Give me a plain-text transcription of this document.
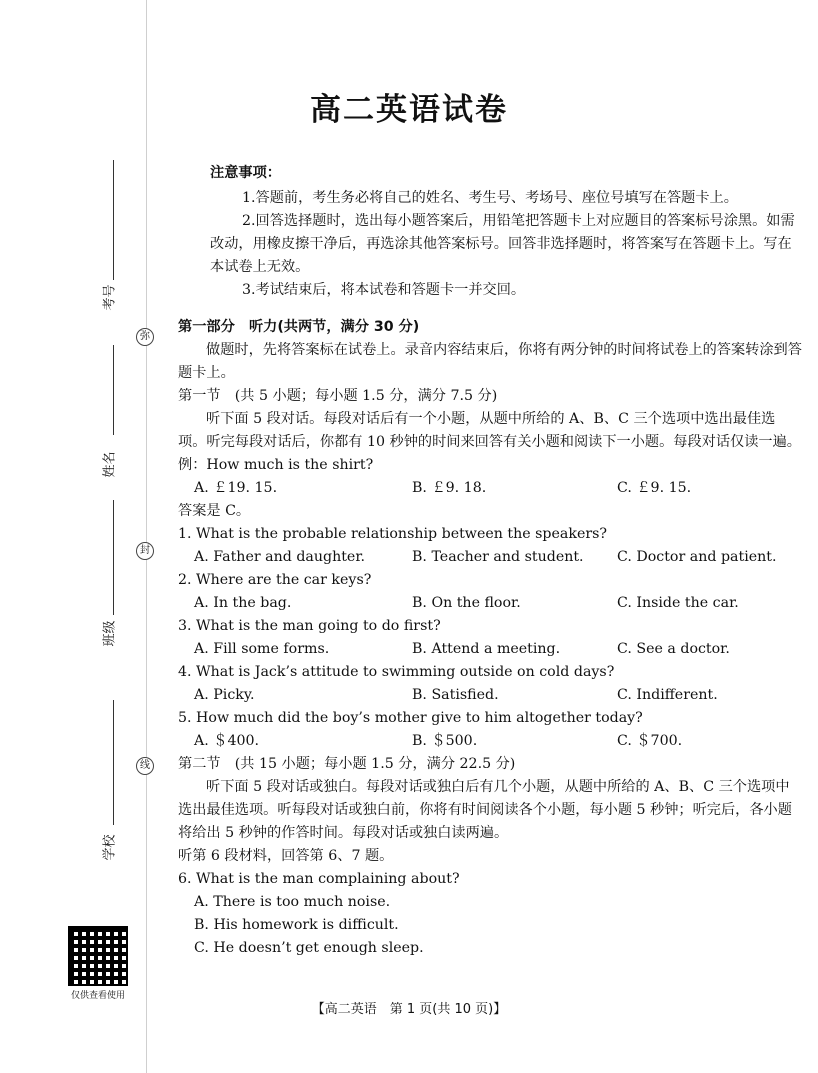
考号
姓名
班级
学校
弥
封
线
仅供查看使用
高二英语试卷
注意事项：
1.答题前，考生务必将自己的姓名、考生号、考场号、座位号填写在答题卡上。
2.回答选择题时，选出每小题答案后，用铅笔把答题卡上对应题目的答案标号涂黑。如需改动，用橡皮擦干净后，再选涂其他答案标号。回答非选择题时，将答案写在答题卡上。写在本试卷上无效。
3.考试结束后，将本试卷和答题卡一并交回。
第一部分　听力(共两节，满分 30 分)
做题时，先将答案标在试卷上。录音内容结束后，你将有两分钟的时间将试卷上的答案转涂到答题卡上。
第一节　(共 5 小题；每小题 1.5 分，满分 7.5 分)
听下面 5 段对话。每段对话后有一个小题，从题中所给的 A、B、C 三个选项中选出最佳选项。听完每段对话后，你都有 10 秒钟的时间来回答有关小题和阅读下一小题。每段对话仅读一遍。
例：How much is the shirt?
A. ￡19. 15.	B. ￡9. 18.	C. ￡9. 15.
答案是 C。
1. What is the probable relationship between the speakers?
A. Father and daughter.	B. Teacher and student.	C. Doctor and patient.
2. Where are the car keys?
A. In the bag.	B. On the floor.	C. Inside the car.
3. What is the man going to do first?
A. Fill some forms.	B. Attend a meeting.	C. See a doctor.
4. What is Jack’s attitude to swimming outside on cold days?
A. Picky.	B. Satisfied.	C. Indifferent.
5. How much did the boy’s mother give to him altogether today?
A. ＄400.	B. ＄500.	C. ＄700.
第二节　(共 15 小题；每小题 1.5 分，满分 22.5 分)
听下面 5 段对话或独白。每段对话或独白后有几个小题，从题中所给的 A、B、C 三个选项中选出最佳选项。听每段对话或独白前，你将有时间阅读各个小题，每小题 5 秒钟；听完后，各小题将给出 5 秒钟的作答时间。每段对话或独白读两遍。
听第 6 段材料，回答第 6、7 题。
6. What is the man complaining about?
A. There is too much noise.
B. His homework is difficult.
C. He doesn’t get enough sleep.
【高二英语　第 1 页(共 10 页)】
